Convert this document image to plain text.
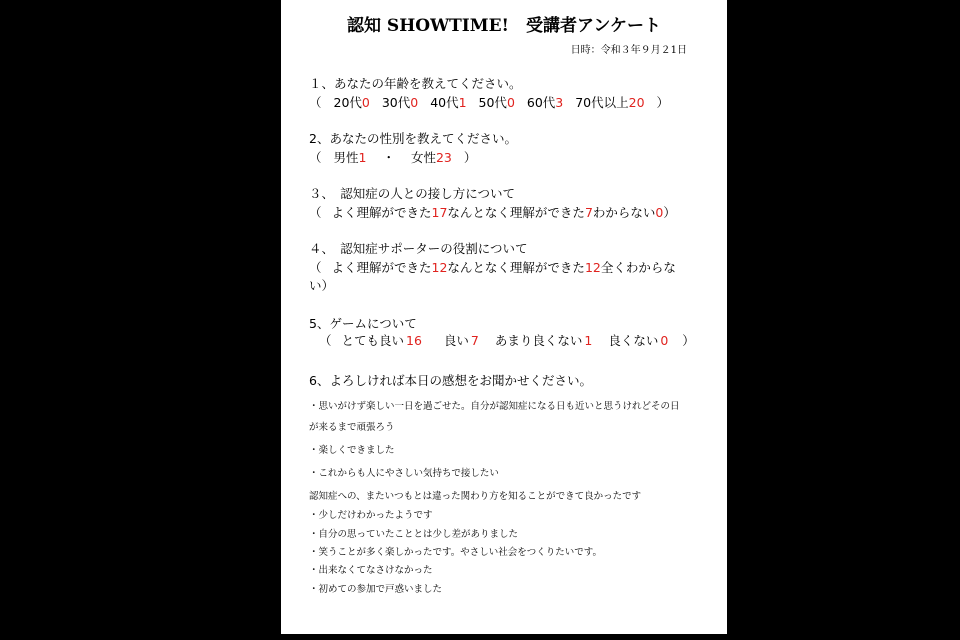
認知 SHOWTIME!　受講者アンケート
日時：令和３年９月２1日
１、あなたの年齢を教えてください。
（ 20代0 30代0 40代1 50代0 60代3 70代以上20 ）
2、あなたの性別を教えてください。
（ 男性1 ・ 女性23 ）
３、　認知症の人との接し方について
（ よく理解ができた17なんとなく理解ができた7わからない0）
４、　認知症サポーターの役割について
（ よく理解ができた12なんとなく理解ができた12全くわからな
い）
5、ゲームについて
（ とても良い 16 良い 7 あまり良くない 1 良くない 0 ）
6、よろしければ本日の感想をお聞かせください。
・思いがけず楽しい一日を過ごせた。自分が認知症になる日も近いと思うけれどその日
が来るまで頑張ろう
・楽しくできました
・これからも人にやさしい気持ちで接したい
認知症への、またいつもとは違った関わり方を知ることができて良かったです
・少しだけわかったようです
・自分の思っていたこととは少し差がありました
・笑うことが多く楽しかったです。やさしい社会をつくりたいです。
・出来なくてなさけなかった
・初めての参加で戸惑いました
